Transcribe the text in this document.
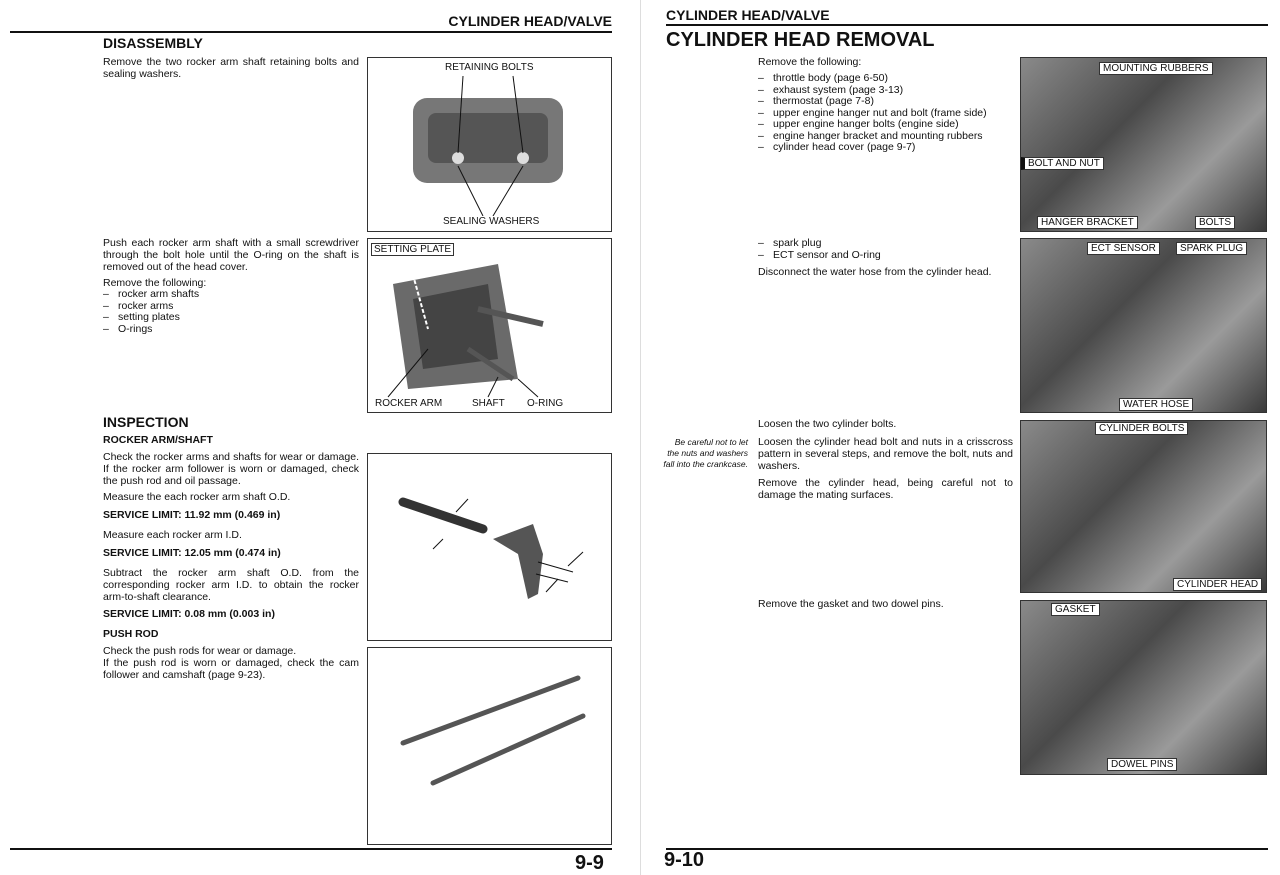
CYLINDER HEAD/VALVE
DISASSEMBLY
Remove the two rocker arm shaft retaining bolts and sealing washers.
Push each rocker arm shaft with a small screwdriver through the bolt hole until the O-ring on the shaft is removed out of the head cover.
Remove the following:
– rocker arm shafts
– rocker arms
– setting plates
– O-rings
INSPECTION
ROCKER ARM/SHAFT
Check the rocker arms and shafts for wear or damage. If the rocker arm follower is worn or damaged, check the push rod and oil passage.
Measure the each rocker arm shaft O.D.
SERVICE LIMIT: 11.92 mm (0.469 in)
Measure each rocker arm I.D.
SERVICE LIMIT: 12.05 mm (0.474 in)
Subtract the rocker arm shaft O.D. from the corresponding rocker arm I.D. to obtain the rocker arm-to-shaft clearance.
SERVICE LIMIT: 0.08 mm (0.003 in)
PUSH ROD
Check the push rods for wear or damage.
If the push rod is worn or damaged, check the cam follower and camshaft (page 9-23).
RETAINING BOLTS
SEALING WASHERS
SETTING PLATE
ROCKER ARM	SHAFT O-RING
9-9
CYLINDER HEAD/VALVE
CYLINDER HEAD REMOVAL
Remove the following:
– throttle body (page 6-50)
– exhaust system (page 3-13)
– thermostat (page 7-8)
– upper engine hanger nut and bolt (frame side)
– upper engine hanger bolts (engine side)
– engine hanger bracket and mounting rubbers
– cylinder head cover (page 9-7)
– spark plug
– ECT sensor and O-ring
Disconnect the water hose from the cylinder head.
Loosen the two cylinder bolts.
Be careful not to let the nuts and washers fall into the crankcase.
Loosen the cylinder head bolt and nuts in a crisscross pattern in several steps, and remove the bolt, nuts and washers.
Remove the cylinder head, being careful not to damage the mating surfaces.
Remove the gasket and two dowel pins.
MOUNTING RUBBERS
BOLT AND NUT
HANGER BRACKET	BOLTS
ECT SENSOR	SPARK PLUG
WATER HOSE
CYLINDER BOLTS
CYLINDER HEAD
GASKET
DOWEL PINS
9-10
